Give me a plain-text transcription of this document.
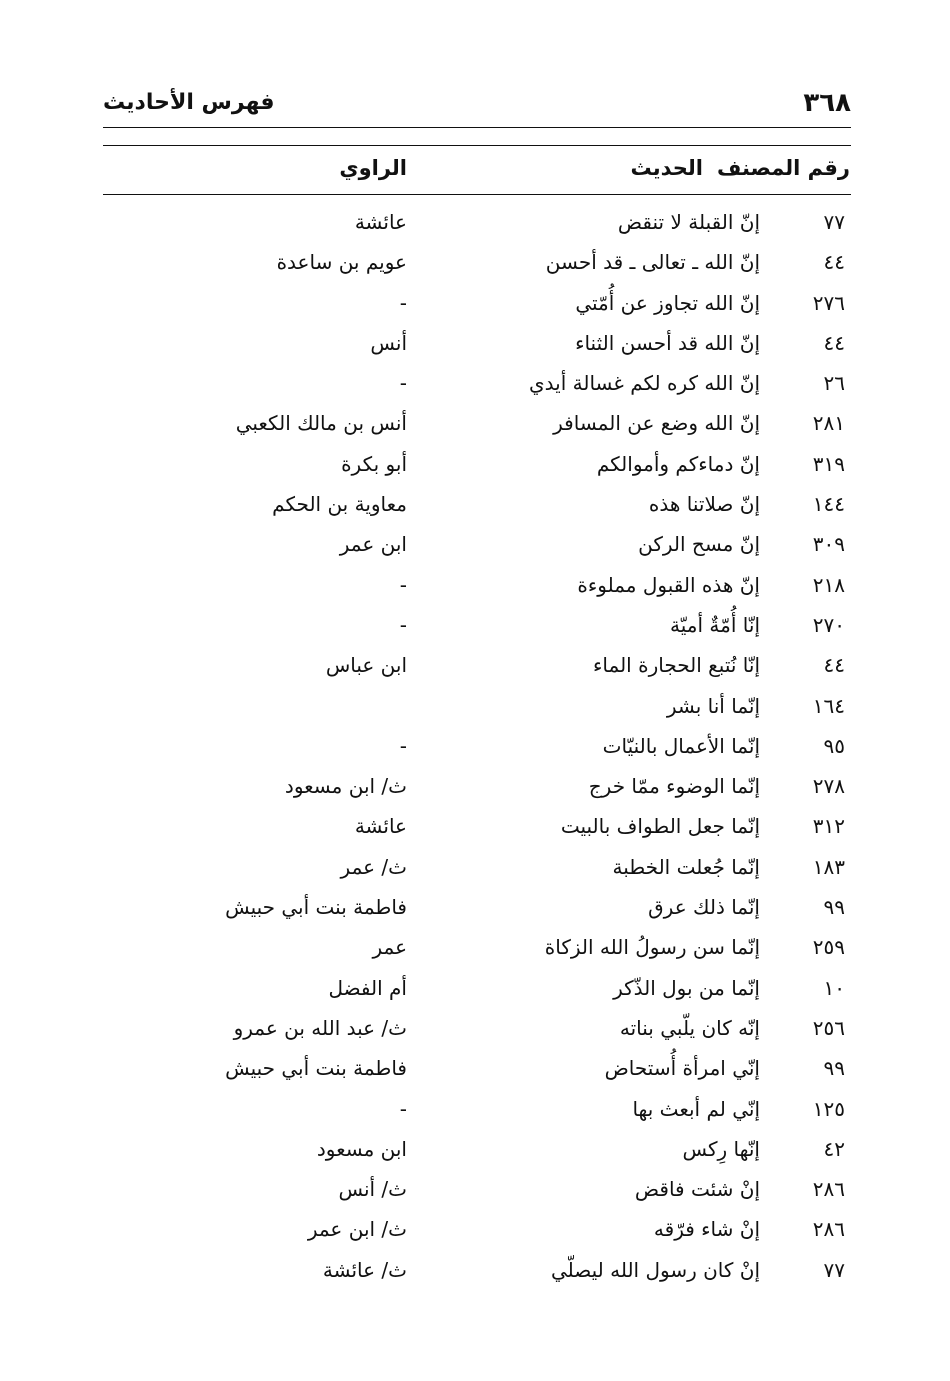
٣٦٨
فهرس الأحاديث
رقم المصنف
الحديث
الراوي
٧٧
إنّ القبلة لا تنقض
عائشة
٤٤
إنّ الله ـ تعالى ـ قد أحسن
عويم بن ساعدة
٢٧٦
إنّ الله تجاوز عن أُمّتي
-
٤٤
إنّ الله قد أحسن الثناء
أنس
٢٦
إنّ الله كره لكم غسالة أيدي
-
٢٨١
إنّ الله وضع عن المسافر
أنس بن مالك الكعبي
٣١٩
إنّ دماءكم وأموالكم
أبو بكرة
١٤٤
إنّ صلاتنا هذه
معاوية بن الحكم
٣٠٩
إنّ مسح الركن
ابن عمر
٢١٨
إنّ هذه القبول مملوءة
-
٢٧٠
إنّا أُمّةٌ أميّة
-
٤٤
إنّا نُتبع الحجارة الماء
ابن عباس
١٦٤
إنّما أنا بشر
٩٥
إنّما الأعمال بالنيّات
-
٢٧٨
إنّما الوضوء ممّا خرج
ث/ ابن مسعود
٣١٢
إنّما جعل الطواف بالبيت
عائشة
١٨٣
إنّما جُعلت الخطبة
ث/ عمر
٩٩
إنّما ذلك عرق
فاطمة بنت أبي حبيش
٢٥٩
إنّما سن رسولُ الله الزكاة
عمر
١٠
إنّما من بول الذّكر
أم الفضل
٢٥٦
إنّه كان يلّبي بناته
ث/ عبد الله بن عمرو
٩٩
إنّي امرأة أُستحاض
فاطمة بنت أبي حبيش
١٢٥
إنّي لم أبعث بها
-
٤٢
إنّها رِكس
ابن مسعود
٢٨٦
إنْ شئت فاقض
ث/ أنس
٢٨٦
إنْ شاء فرّقه
ث/ ابن عمر
٧٧
إنْ كان رسول الله ليصلّي
ث/ عائشة
